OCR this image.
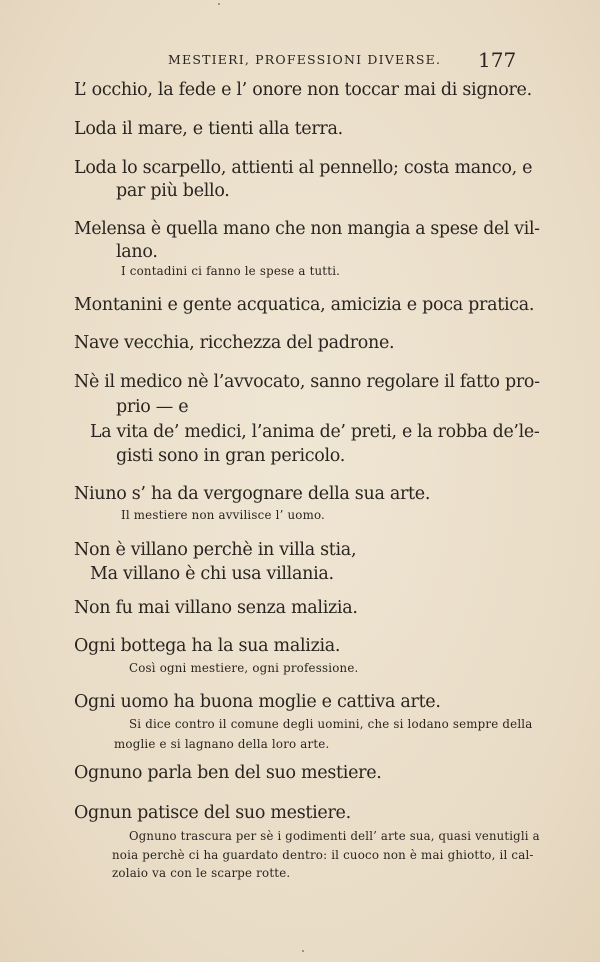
MESTIERI, PROFESSIONI DIVERSE. 177
L’ occhio, la fede e l’ onore non toccar mai di signore.
Loda il mare, e tienti alla terra.
Loda lo scarpello, attienti al pennello; costa manco, e
par più bello.
Melensa è quella mano che non mangia a spese del vil-
lano.
I contadini ci fanno le spese a tutti.
Montanini e gente acquatica, amicizia e poca pratica.
Nave vecchia, ricchezza del padrone.
Nè il medico nè l’avvocato, sanno regolare il fatto pro-
prio — e
La vita de’ medici, l’anima de’ preti, e la robba de’le-
gisti sono in gran pericolo.
Niuno s’ ha da vergognare della sua arte.
Il mestiere non avvilisce l’ uomo.
Non è villano perchè in villa stia,
Ma villano è chi usa villania.
Non fu mai villano senza malizia.
Ogni bottega ha la sua malizia.
Così ogni mestiere, ogni professione.
Ogni uomo ha buona moglie e cattiva arte.
Si dice contro il comune degli uomini, che si lodano sempre della
moglie e si lagnano della loro arte.
Ognuno parla ben del suo mestiere.
Ognun patisce del suo mestiere.
Ognuno trascura per sè i godimenti dell’ arte sua, quasi venutigli a
noia perchè ci ha guardato dentro: il cuoco non è mai ghiotto, il cal-
zolaio va con le scarpe rotte.
